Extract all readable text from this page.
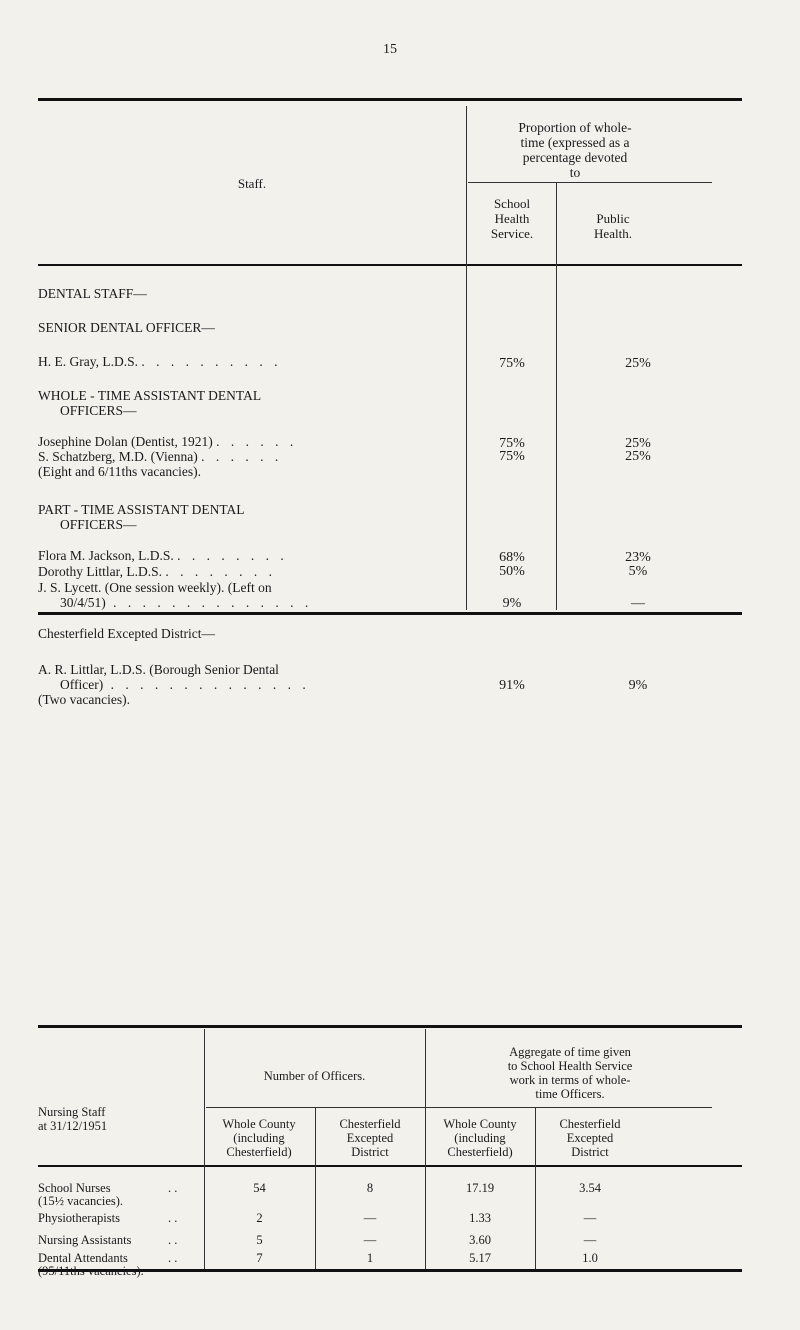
15
Staff.
Proportion of whole-
time (expressed as a
percentage devoted
to
School
Health
Service.
Public
Health.
DENTAL STAFF—
SENIOR DENTAL OFFICER—
H. E. Gray, L.D.S. . . . . . . . . . .	75%	25%
WHOLE - TIME ASSISTANT DENTAL
OFFICERS—
Josephine Dolan (Dentist, 1921) . . . . . .	75%	25%
S. Schatzberg, M.D. (Vienna) . . . . . .	75%	25%
(Eight and 6/11ths vacancies).
PART - TIME ASSISTANT DENTAL
OFFICERS—
Flora M. Jackson, L.D.S. . . . . . . . .	68%	23%
Dorothy Littlar, L.D.S. . . . . . . . .	50%	5%
J. S. Lycett. (One session weekly). (Left on
30/4/51) . . . . . . . . . . . . . .	9%	—
Chesterfield Excepted District—
A. R. Littlar, L.D.S. (Borough Senior Dental
Officer) . . . . . . . . . . . . . .
(Two vacancies).
91%	9%
Nursing Staff
at 31/12/1951
Number of Officers.
Aggregate of time given
to School Health Service
work in terms of whole-
time Officers.
Whole County
(including
Chesterfield)
Chesterfield
Excepted
District
Whole County
(including
Chesterfield)
Chesterfield
Excepted
District
School Nurses	. .
(15½ vacancies).
54	8	17.19	3.54
Physiotherapists	. .	2	—	1.33	—
Nursing Assistants	. .	5	—	3.60	—
Dental Attendants	. .
(95/11ths vacancies).
7	1	5.17	1.0
